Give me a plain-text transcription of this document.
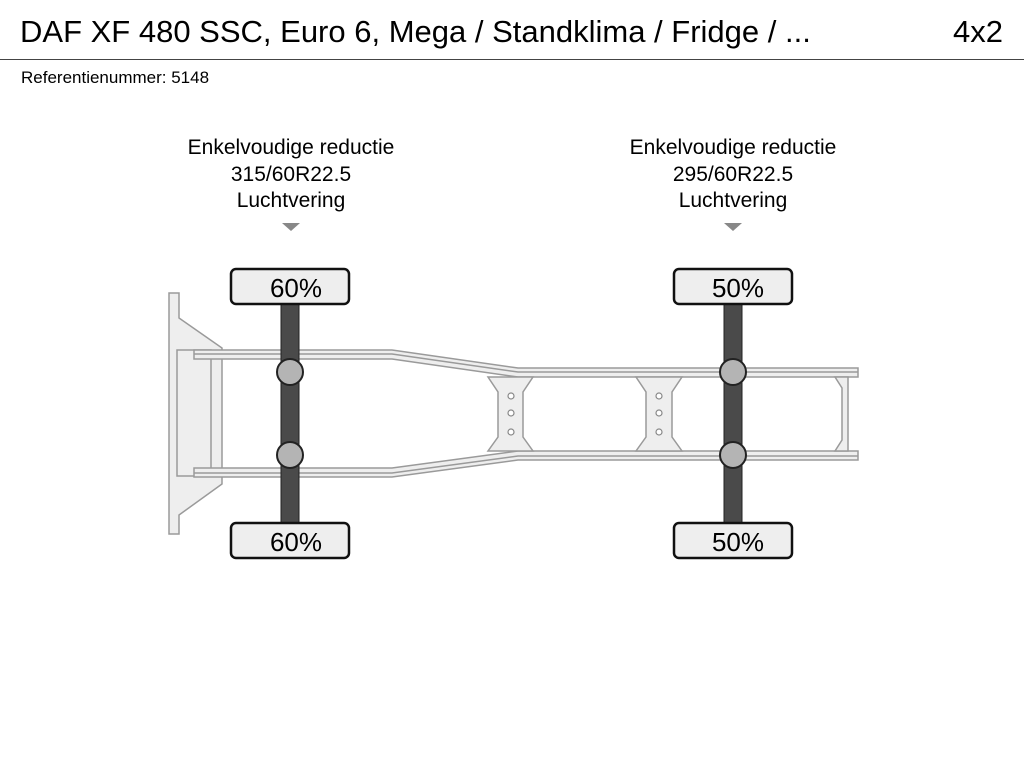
DAF XF 480 SSC, Euro 6, Mega / Standklima / Fridge / ...	4x2
Referentienummer: 5148
Enkelvoudige reductie
315/60R22.5
Luchtvering
Enkelvoudige reductie
295/60R22.5
Luchtvering
60%
60%
50%
50%
